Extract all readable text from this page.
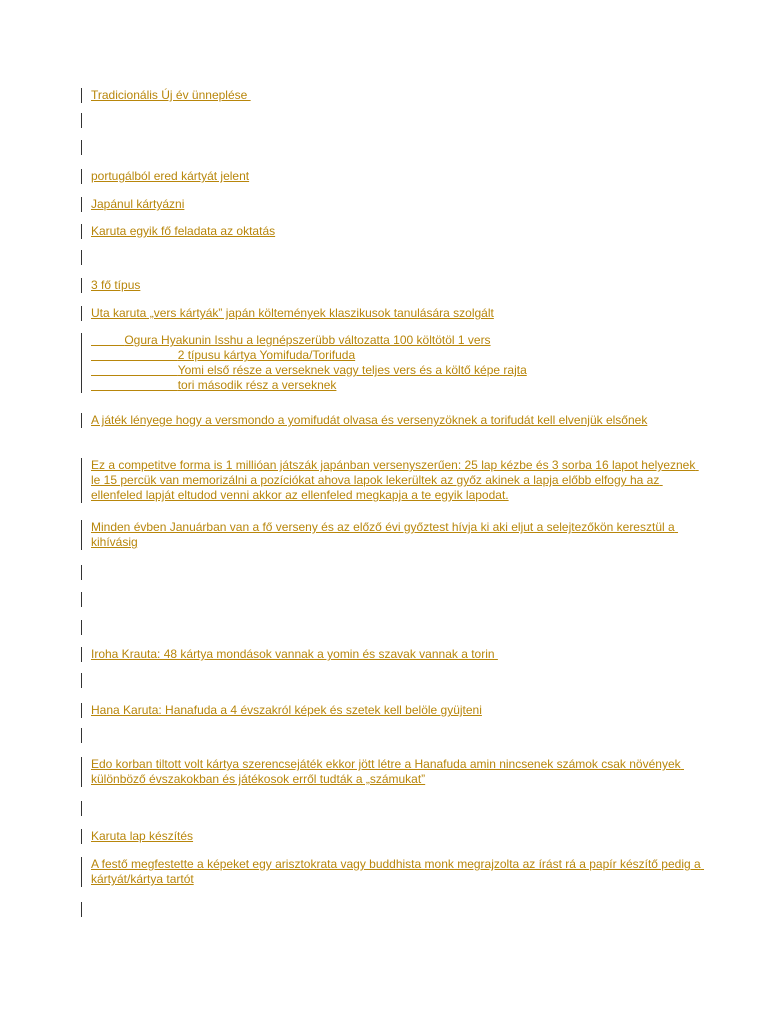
Tradicionális Új év ünneplése
portugálból ered kártyát jelent
Japánul kártyázni
Karuta egyik fő feladata az oktatás
3 fő típus
Uta karuta „vers kártyák” japán költemények klaszikusok tanulására szolgált
Ogura Hyakunin Isshu a legnépszerübb változatta 100 költötöl 1 vers
2 típusu kártya Yomifuda/Torifuda
Yomi első része a verseknek vagy teljes vers és a költő képe rajta
tori második rész a verseknek
A játék lényege hogy a versmondo a yomifudát olvasa és versenyzöknek a torifudát kell elvenjük elsőnek
Ez a competitve forma is 1 millióan játszák japánban versenyszerűen: 25 lap kézbe és 3 sorba 16 lapot helyeznek le 15 percük van memorizálni a pozíciókat ahova lapok lekerültek az győz akinek a lapja előbb elfogy ha az ellenfeled lapját eltudod venni akkor az ellenfeled megkapja a te egyik lapodat.
Minden évben Januárban van a fő verseny és az előző évi győztest hívja ki aki eljut a selejtezőkön keresztül a kihívásig
Iroha Krauta: 48 kártya mondások vannak a yomin és szavak vannak a torin
Hana Karuta: Hanafuda a 4 évszakról képek és szetek kell belöle gyüjteni
Edo korban tiltott volt kártya szerencsejáték ekkor jött létre a Hanafuda amin nincsenek számok csak növények különböző évszakokban és játékosok erről tudták a „számukat”
Karuta lap készítés
A festő megfestette a képeket egy arisztokrata vagy buddhista monk megrajzolta az írást rá a papír készítő pedig a kártyát/kártya tartót
